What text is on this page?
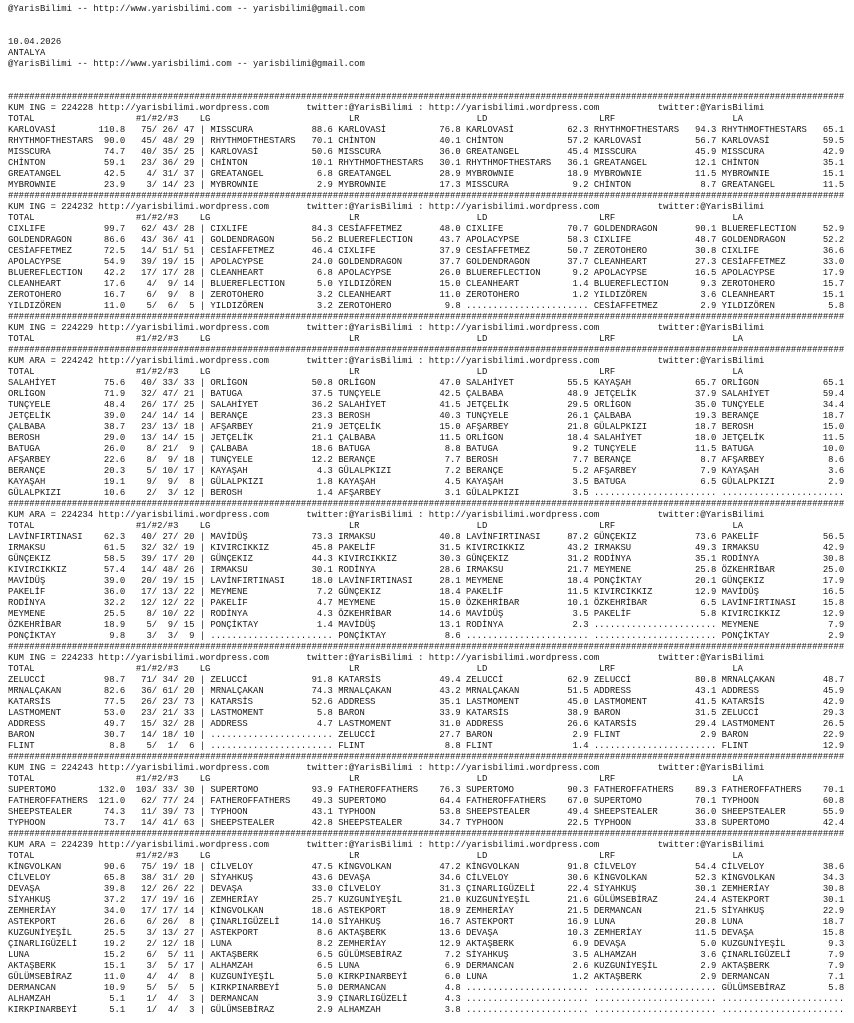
@YarisBilimi -- http://www.yarisbilimi.com -- yarisbilimi@gmail.com

10.04.2026
ANTALYA
@YarisBilimi -- http://www.yarisbilimi.com -- yarisbilimi@gmail.com

#############################################################################################################################################################
KUM ING = 224228 http://yarisbilimi.wordpress.com       twitter:@YarisBilimi : http://yarisbilimi.wordpress.com           twitter:@YarisBilimi
TOTAL                   #1/#2/#3    LG                          LR                      LD                     LRF                      LA
KARLOVASİ        110.8   75/ 26/ 47 | MISSCURA           88.6 KARLOVASİ          76.8 KARLOVASİ          62.3 RHYTHMOFTHESTARS   94.3 RHYTHMOFTHESTARS   65.1
RHYTHMOFTHESTARS  90.0   45/ 48/ 29 | RHYTHMOFTHESTARS   70.1 CHİNTON            40.1 CHİNTON            57.2 KARLOVASİ          56.7 KARLOVASİ          59.5
MISSCURA          74.7   40/ 35/ 25 | KARLOVASİ          50.6 MISSCURA           36.0 GREATANGEL         45.4 MISSCURA           45.9 MISSCURA           42.9
CHİNTON           59.1   23/ 36/ 29 | CHİNTON            10.1 RHYTHMOFTHESTARS   30.1 RHYTHMOFTHESTARS   36.1 GREATANGEL         12.1 CHİNTON            35.1
GREATANGEL        42.5    4/ 31/ 37 | GREATANGEL          6.8 GREATANGEL         28.9 MYBROWNIE          18.9 MYBROWNIE          11.5 MYBROWNIE          15.1
MYBROWNIE         23.9    3/ 14/ 23 | MYBROWNIE           2.9 MYBROWNIE          17.3 MISSCURA            9.2 CHİNTON             8.7 GREATANGEL         11.5
#############################################################################################################################################################
KUM ING = 224232 http://yarisbilimi.wordpress.com       twitter:@YarisBilimi : http://yarisbilimi.wordpress.com           twitter:@YarisBilimi
TOTAL                   #1/#2/#3    LG                          LR                      LD                     LRF                      LA
CIXLIFE           99.7   62/ 43/ 28 | CIXLIFE            84.3 CESİAFFETMEZ       48.0 CIXLIFE            70.7 GOLDENDRAGON       90.1 BLUEREFLECTION     52.9
GOLDENDRAGON      86.6   43/ 36/ 41 | GOLDENDRAGON       56.2 BLUEREFLECTION     43.7 APOLACYPSE         58.3 CIXLIFE            48.7 GOLDENDRAGON       52.2
CESİAFFETMEZ      72.5   14/ 51/ 51 | CESİAFFETMEZ       46.4 CIXLIFE            37.9 CESİAFFETMEZ       50.7 ZEROTOHERO         30.8 CIXLIFE            36.6
APOLACYPSE        54.9   39/ 19/ 15 | APOLACYPSE         24.0 GOLDENDRAGON       37.7 GOLDENDRAGON       37.7 CLEANHEART         27.3 CESİAFFETMEZ       33.0
BLUEREFLECTION    42.2   17/ 17/ 28 | CLEANHEART          6.8 APOLACYPSE         26.0 BLUEREFLECTION      9.2 APOLACYPSE         16.5 APOLACYPSE         17.9
CLEANHEART        17.6    4/  9/ 14 | BLUEREFLECTION      5.0 YILDIZÖREN         15.0 CLEANHEART          1.4 BLUEREFLECTION      9.3 ZEROTOHERO         15.7
ZEROTOHERO        16.7    6/  9/  8 | ZEROTOHERO          3.2 CLEANHEART         11.0 ZEROTOHERO          1.2 YILDIZÖREN          3.6 CLEANHEART         15.1
YILDIZÖREN        11.0    5/  6/  5 | YILDIZÖREN          3.2 ZEROTOHERO          9.8 ....................... CESİAFFETMEZ        2.9 YILDIZÖREN          5.8
#############################################################################################################################################################
KUM ING = 224229 http://yarisbilimi.wordpress.com       twitter:@YarisBilimi : http://yarisbilimi.wordpress.com           twitter:@YarisBilimi
TOTAL                   #1/#2/#3    LG                          LR                      LD                     LRF                      LA
#############################################################################################################################################################
KUM ARA = 224242 http://yarisbilimi.wordpress.com       twitter:@YarisBilimi : http://yarisbilimi.wordpress.com           twitter:@YarisBilimi
TOTAL                   #1/#2/#3    LG                          LR                      LD                     LRF                      LA
SALAHİYET         75.6   40/ 33/ 33 | ORLİGON            50.8 ORLİGON            47.0 SALAHİYET          55.5 KAYAŞAH            65.7 ORLİGON            65.1
ORLİGON           71.9   32/ 47/ 21 | BATUGA             37.5 TUNÇYELE           42.5 ÇALBABA            48.9 JETÇELİK           37.9 SALAHİYET          59.4
TUNÇYELE          48.4   26/ 17/ 25 | SALAHİYET          36.2 SALAHİYET          41.5 JETÇELİK           29.5 ORLİGON            35.0 TUNÇYELE           34.4
JETÇELİK          39.0   24/ 14/ 14 | BERANÇE            23.3 BEROSH             40.3 TUNÇYELE           26.1 ÇALBABA            19.3 BERANÇE            18.7
ÇALBABA           38.7   23/ 13/ 18 | AFŞARBEY           21.9 JETÇELİK           15.0 AFŞARBEY           21.8 GÜLALPKIZI         18.7 BEROSH             15.0
BEROSH            29.0   13/ 14/ 15 | JETÇELİK           21.1 ÇALBABA            11.5 ORLİGON            18.4 SALAHİYET          18.0 JETÇELİK           11.5
BATUGA            26.0    8/ 21/  9 | ÇALBABA            18.6 BATUGA              8.8 BATUGA              9.2 TUNÇYELE           11.5 BATUGA             10.0
AFŞARBEY          22.6    8/  9/ 18 | TUNÇYELE           12.2 BERANÇE             7.7 BEROSH              7.7 BERANÇE             8.7 AFŞARBEY            8.6
BERANÇE           20.3    5/ 10/ 17 | KAYAŞAH             4.3 GÜLALPKIZI          7.2 BERANÇE             5.2 AFŞARBEY            7.9 KAYAŞAH             3.6
KAYAŞAH           19.1    9/  9/  8 | GÜLALPKIZI          1.8 KAYAŞAH             4.5 KAYAŞAH             3.5 BATUGA              6.5 GÜLALPKIZI          2.9
GÜLALPKIZI        10.6    2/  3/ 12 | BEROSH              1.4 AFŞARBEY            3.1 GÜLALPKIZI          3.5 ....................... .......................
#############################################################################################################################################################
KUM ARA = 224234 http://yarisbilimi.wordpress.com       twitter:@YarisBilimi : http://yarisbilimi.wordpress.com           twitter:@YarisBilimi
TOTAL                   #1/#2/#3    LG                          LR                      LD                     LRF                      LA
LAVİNFIRTINASI    62.3   40/ 27/ 20 | MAVİDÜŞ            73.3 IRMAKSU            40.8 LAVİNFIRTINASI     87.2 GÜNÇEKIZ           73.6 PAKELİF            56.5
IRMAKSU           61.5   32/ 32/ 19 | KIVIRCIKKIZ        45.8 PAKELİF            31.5 KIVIRCIKKIZ        43.2 IRMAKSU            49.3 IRMAKSU            42.9
GÜNÇEKIZ          58.5   39/ 17/ 20 | GÜNÇEKIZ           44.3 KIVIRCIKKIZ        30.3 GÜNÇEKIZ           31.2 RODİNYA            35.1 RODİNYA            30.8
KIVIRCIKKIZ       57.4   14/ 48/ 26 | IRMAKSU            30.1 RODİNYA            28.6 IRMAKSU            21.7 MEYMENE            25.8 ÖZKEHRİBAR         25.0
MAVİDÜŞ           39.0   20/ 19/ 15 | LAVİNFIRTINASI     18.0 LAVİNFIRTINASI     28.1 MEYMENE            18.4 PONÇİKTAY          20.1 GÜNÇEKIZ           17.9
PAKELİF           36.0   17/ 13/ 22 | MEYMENE             7.2 GÜNÇEKIZ           18.4 PAKELİF            11.5 KIVIRCIKKIZ        12.9 MAVİDÜŞ            16.5
RODİNYA           32.2   12/ 12/ 22 | PAKELİF             4.7 MEYMENE            15.0 ÖZKEHRİBAR         10.1 ÖZKEHRİBAR          6.5 LAVİNFIRTINASI     15.8
MEYMENE           25.5    8/ 10/ 22 | RODİNYA             4.3 ÖZKEHRİBAR         14.6 MAVİDÜŞ             3.5 PAKELİF             5.8 KIVIRCIKKIZ        12.9
ÖZKEHRİBAR        18.9    5/  9/ 15 | PONÇİKTAY           1.4 MAVİDÜŞ            13.1 RODİNYA             2.3 ....................... MEYMENE             7.9
PONÇİKTAY          9.8    3/  3/  9 | ....................... PONÇİKTAY           8.6 ....................... ....................... PONÇİKTAY           2.9
#############################################################################################################################################################
KUM ING = 224233 http://yarisbilimi.wordpress.com       twitter:@YarisBilimi : http://yarisbilimi.wordpress.com           twitter:@YarisBilimi
TOTAL                   #1/#2/#3    LG                          LR                      LD                     LRF                      LA
ZELUCCİ           98.7   71/ 34/ 20 | ZELUCCİ            91.8 KATARSİS           49.4 ZELUCCİ            62.9 ZELUCCİ            80.8 MRNALÇAKAN         48.7
MRNALÇAKAN        82.6   36/ 61/ 20 | MRNALÇAKAN         74.3 MRNALÇAKAN         43.2 MRNALÇAKAN         51.5 ADDRESS            43.1 ADDRESS            45.9
KATARSİS          77.5   26/ 23/ 73 | KATARSİS           52.6 ADDRESS            35.1 LASTMOMENT         45.0 LASTMOMENT         41.5 KATARSİS           42.9
LASTMOMENT        53.0   23/ 21/ 33 | LASTMOMENT          5.8 BARON              33.9 KATARSİS           38.9 BARON              31.5 ZELUCCİ            29.3
ADDRESS           49.7   15/ 32/ 28 | ADDRESS             4.7 LASTMOMENT         31.0 ADDRESS            26.6 KATARSİS           29.4 LASTMOMENT         26.5
BARON             30.7   14/ 18/ 10 | ....................... ZELUCCİ            27.7 BARON               2.9 FLINT               2.9 BARON              22.9
FLINT              8.8    5/  1/  6 | ....................... FLINT               8.8 FLINT               1.4 ....................... FLINT              12.9
#############################################################################################################################################################
KUM ING = 224243 http://yarisbilimi.wordpress.com       twitter:@YarisBilimi : http://yarisbilimi.wordpress.com           twitter:@YarisBilimi
TOTAL                   #1/#2/#3    LG                          LR                      LD                     LRF                      LA
SUPERTOMO        132.0  103/ 33/ 30 | SUPERTOMO          93.9 FATHEROFFATHERS    76.3 SUPERTOMO          90.3 FATHEROFFATHERS    89.3 FATHEROFFATHERS    70.1
FATHEROFFATHERS  121.0   62/ 77/ 24 | FATHEROFFATHERS    49.3 SUPERTOMO          64.4 FATHEROFFATHERS    67.0 SUPERTOMO          70.1 TYPHOON            60.8
SHEEPSTEALER      74.3   11/ 39/ 73 | TYPHOON            43.1 TYPHOON            53.8 SHEEPSTEALER       49.4 SHEEPSTEALER       36.0 SHEEPSTEALER       55.9
TYPHOON           73.7   14/ 41/ 63 | SHEEPSTEALER       42.8 SHEEPSTEALER       34.7 TYPHOON            22.5 TYPHOON            33.8 SUPERTOMO          42.4
#############################################################################################################################################################
KUM ARA = 224239 http://yarisbilimi.wordpress.com       twitter:@YarisBilimi : http://yarisbilimi.wordpress.com           twitter:@YarisBilimi
TOTAL                   #1/#2/#3    LG                          LR                      LD                     LRF                      LA
KİNGVOLKAN        90.6   75/ 19/ 18 | CİLVELOY           47.5 KİNGVOLKAN         47.2 KİNGVOLKAN         91.8 CİLVELOY           54.4 CİLVELOY           38.6
CİLVELOY          65.8   38/ 31/ 20 | SİYAHKUŞ           43.6 DEVAŞA             34.6 CİLVELOY           30.6 KİNGVOLKAN         52.3 KİNGVOLKAN         34.3
DEVAŞA            39.8   12/ 26/ 22 | DEVAŞA             33.0 CİLVELOY           31.3 ÇINARLIGÜZELİ      22.4 SİYAHKUŞ           30.1 ZEMHERİAY          30.8
SİYAHKUŞ          37.2   17/ 19/ 16 | ZEMHERİAY          25.7 KUZGUNİYEŞİL       21.0 KUZGUNİYEŞİL       21.6 GÜLÜMSEBİRAZ       24.4 ASTEKPORT          30.1
ZEMHERİAY         34.0   17/ 17/ 14 | KİNGVOLKAN         18.6 ASTEKPORT          18.9 ZEMHERİAY          21.5 DERMANCAN          21.5 SİYAHKUŞ           22.9
ASTEKPORT         26.6    6/ 26/  8 | ÇINARLIGÜZELİ      14.0 SİYAHKUŞ           16.7 ASTEKPORT          16.9 LUNA               20.8 LUNA               18.7
KUZGUNİYEŞİL      25.5    3/ 13/ 27 | ASTEKPORT           8.6 AKTAŞBERK          13.6 DEVAŞA             10.3 ZEMHERİAY          11.5 DEVAŞA             15.8
ÇINARLIGÜZELİ     19.2    2/ 12/ 18 | LUNA                8.2 ZEMHERİAY          12.9 AKTAŞBERK           6.9 DEVAŞA              5.0 KUZGUNİYEŞİL        9.3
LUNA              15.2    6/  5/ 11 | AKTAŞBERK           6.5 GÜLÜMSEBİRAZ        7.2 SİYAHKUŞ            3.5 ALHAMZAH            3.6 ÇINARLIGÜZELİ       7.9
AKTAŞBERK         15.1    3/  5/ 17 | ALHAMZAH            6.5 LUNA                6.9 DERMANCAN           2.6 KUZGUNİYEŞİL        2.9 AKTAŞBERK           7.9
GÜLÜMSEBİRAZ      11.0    4/  4/  8 | KUZGUNİYEŞİL        5.0 KIRKPINARBEYİ       6.0 LUNA                1.2 AKTAŞBERK           2.9 DERMANCAN           7.1
DERMANCAN         10.9    5/  5/  5 | KIRKPINARBEYİ       5.0 DERMANCAN           4.8 ....................... ....................... GÜLÜMSEBİRAZ        5.8
ALHAMZAH           5.1    1/  4/  3 | DERMANCAN           3.9 ÇINARLIGÜZELİ       4.3 ....................... ....................... .......................
KIRKPINARBEYİ      5.1    1/  4/  3 | GÜLÜMSEBİRAZ        2.9 ALHAMZAH            3.8 ....................... ....................... .......................
